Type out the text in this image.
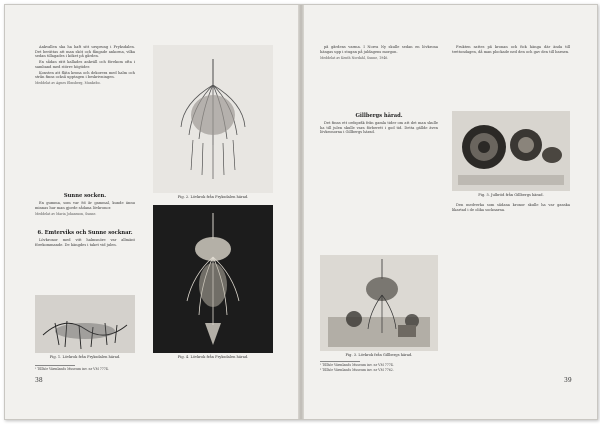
Ankvallen ska ha haft sitt ursprung i Fryksdalen. Det berättas att man sköt och fångade ankorna, vilka sedan tillagades i köket på gården.

En sådan rätt kallades ankväll och förekom ofta i samband med större högtider.

Konsten att fläta krona och dekorera med halm och strån finns också upptagen i beskrivningen.

Meddelat av Agnes Elmsberg, Munkebo.

Sunne socken.

En gumma, som var 86 år gammal, kunde ännu minnas hur man gjorde sådana lövkronor.

Meddelat av Maria Johansson, Sunne.

6. Emterviks och Sunne socknar.

Lövkronor med vitt halmsnöre var allmänt förekommande. De hängdes i taket vid julen.

Fig. 2. Lövkrok från Fryksdalen härad.
Fig. 1. Lövkrok från Fryksdalen härad.	Fig. 4. Lövkrok från Fryksdalen härad.
¹ Tillhör Värmlands Museum inv. nr VM 7774.
38

på gårdens varma. I Norra Ny skulle sedan en lövkrona hängas upp i stugan på juldagens morgon.

Meddelat av Kenth Nordahl, Sunne, 1946.

Gillbergs härad.

Det finns ett ordspråk från gamla tider om att det man skulle ha till julen skulle vara förberett i god tid. Detta gällde även lövkronorna i Gillbergs härad.

Fig. 3. Lövkrok från Gillbergs härad.
Fig. 5. Julbröd från Gillbergs härad.

Frukten sattes på kronan och fick hänga där ända till trettondagen, då man plockade ned den och gav den till barnen.

Den medverka som sådana kronor skulle ha var ganska likartad i de olika socknarna.

¹ Tillhör Värmlands Museum inv. nr VM 7774.
² Tillhör Värmlands Museum inv. nr VM 7762.
39
